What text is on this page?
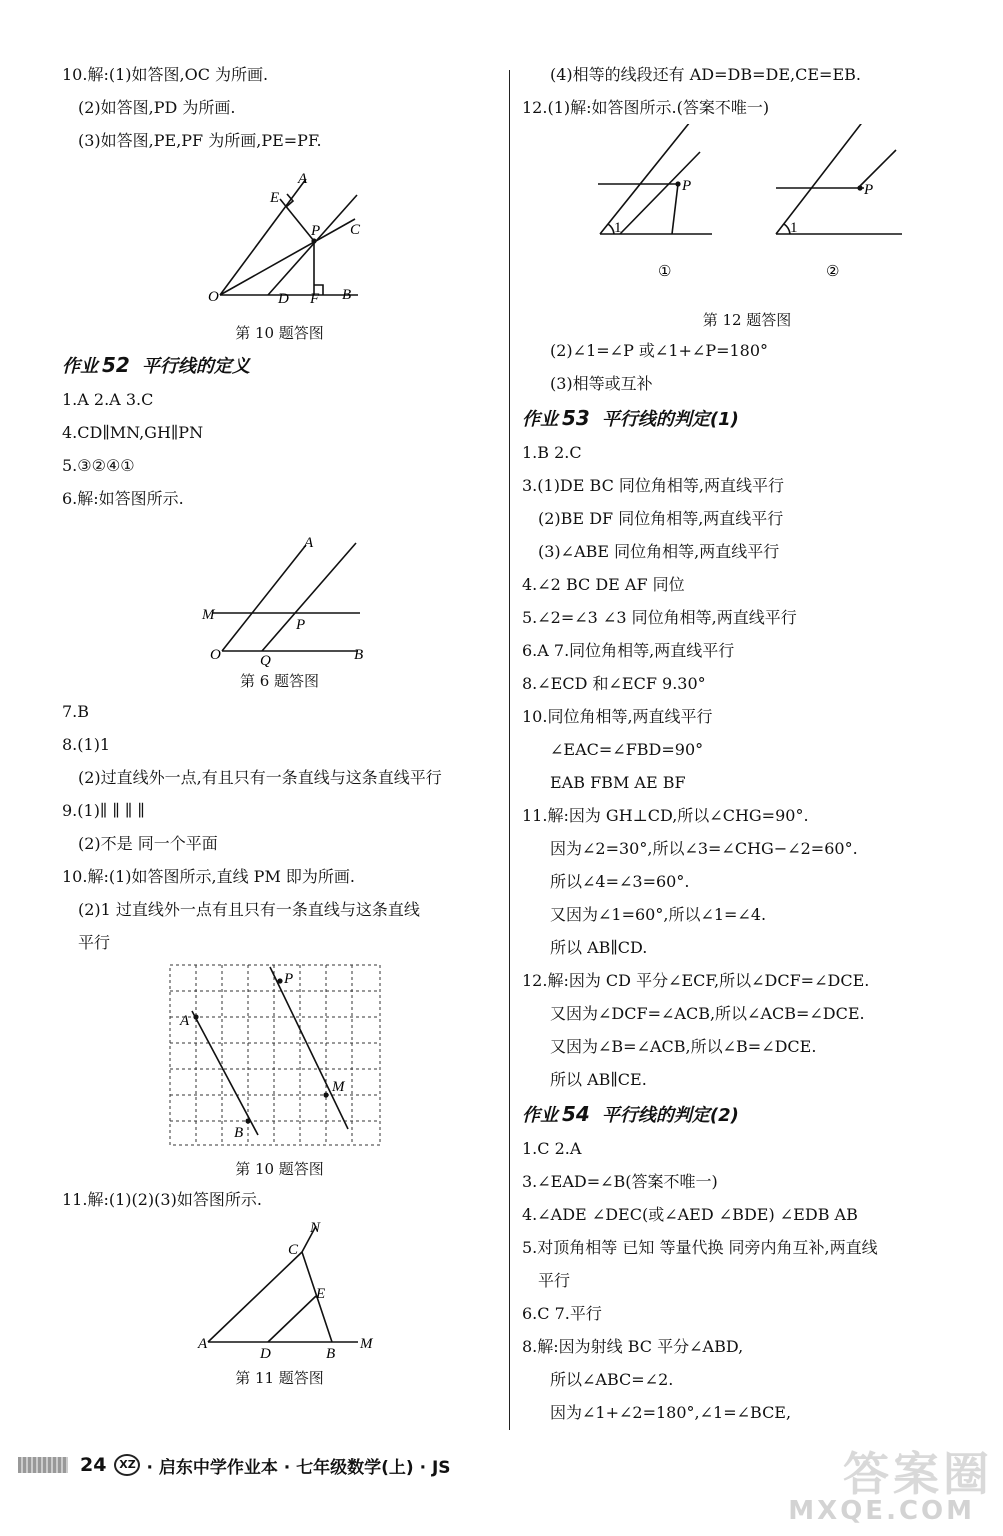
10.解:(1)如答图,OC 为所画.
(2)如答图,PD 为所画.
(3)如答图,PE,PF 为所画,PE=PF.
A
E
P C
O	D F B
第 10 题答图
作业 52 平行线的定义
1.A 2.A 3.C
4.CD∥MN,GH∥PN
5.③②④①
6.解:如答图所示.
A
M
P
O	Q	B
第 6 题答图
7.B
8.(1)1
(2)过直线外一点,有且只有一条直线与这条直线平行
9.(1)∥ ∥ ∥ ∥
(2)不是 同一个平面
10.解:(1)如答图所示,直线 PM 即为所画.
(2)1 过直线外一点有且只有一条直线与这条直线
平行
P
A
M
B
第 10 题答图
11.解:(1)(2)(3)如答图所示.
N
C
E
A
D	B
M
第 11 题答图
(4)相等的线段还有 AD=DB=DE,CE=EB.
12.(1)解:如答图所示.(答案不唯一)
P
1
P
1
①	②
第 12 题答图
(2)∠1=∠P 或∠1+∠P=180°
(3)相等或互补
作业 53 平行线的判定(1)
1.B 2.C
3.(1)DE BC 同位角相等,两直线平行
(2)BE DF 同位角相等,两直线平行
(3)∠ABE 同位角相等,两直线平行
4.∠2 BC DE AF 同位
5.∠2=∠3 ∠3 同位角相等,两直线平行
6.A 7.同位角相等,两直线平行
8.∠ECD 和∠ECF 9.30°
10.同位角相等,两直线平行
∠EAC=∠FBD=90°
EAB FBM AE BF
11.解:因为 GH⊥CD,所以∠CHG=90°.
因为∠2=30°,所以∠3=∠CHG−∠2=60°.
所以∠4=∠3=60°.
又因为∠1=60°,所以∠1=∠4.
所以 AB∥CD.
12.解:因为 CD 平分∠ECF,所以∠DCF=∠DCE.
又因为∠DCF=∠ACB,所以∠ACB=∠DCE.
又因为∠B=∠ACB,所以∠B=∠DCE.
所以 AB∥CE.
作业 54 平行线的判定(2)
1.C 2.A
3.∠EAD=∠B(答案不唯一)
4.∠ADE ∠DEC(或∠AED ∠BDE) ∠EDB AB
5.对顶角相等 已知 等量代换 同旁内角互补,两直线
平行
6.C 7.平行
8.解:因为射线 BC 平分∠ABD,
所以∠ABC=∠2.
因为∠1+∠2=180°,∠1=∠BCE,
24	XZ · 启东中学作业本 · 七年级数学(上) · JS	答案圈
MXQE.COM
